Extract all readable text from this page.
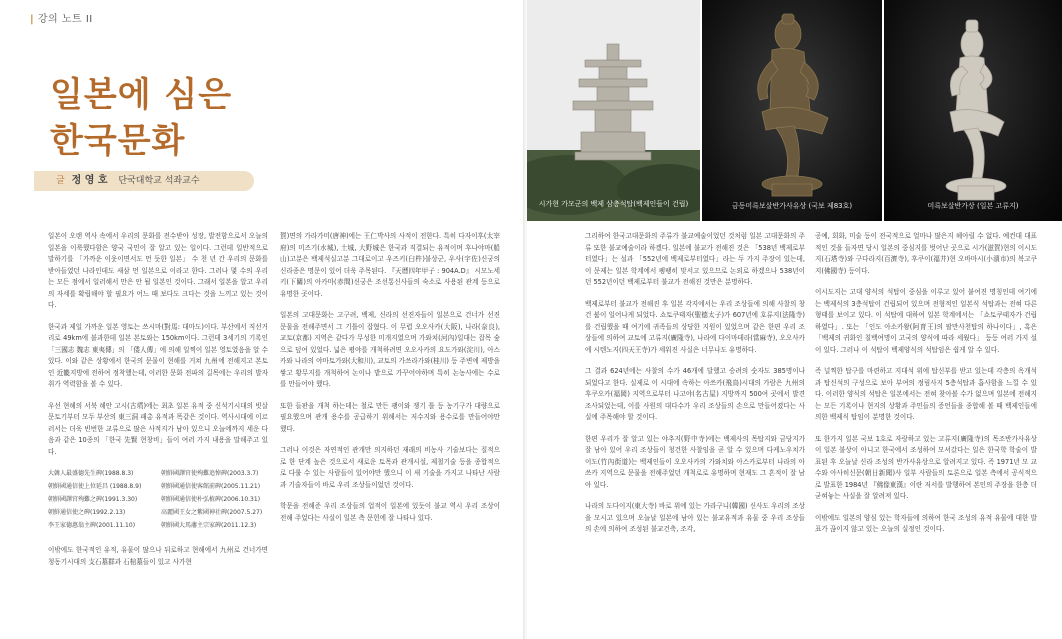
| 강의 노트 II
일본에 심은
한국문화
글 정 영 호 단국대학교 석좌교수

일본이 오랜 역사 속에서 우리의 문화를 전수받아 성장, 발전함으로서 오늘의 일본을 이룩했다함은 양국 국민이 잘 알고 있는 일이다. 그런데 일반적으로 말하기를 「가까운 이웃이면서도 먼 듯한 일본」 수 천 년 간 우리의 문화를 받아들였던 나라인데도 새삼 먼 일본으로 이라고 한다. 그러나 몇 수의 우리는 모든 점에서 일러해서 만은 안 될 일본인 것이다. 그래서 일본을 알고 우리의 자세를 확립해야 할 필요가 어느 때 보다도 크다는 것을 느끼고 있는 것이다.

한국과 제일 가까운 일본 영토는 쓰시마(對馬: 대마도)이다. 부산에서 직선거리로 49km에 불과한데 일본 본토와는 150km이다. 그런데 3세기의 기록인 「三國志 魏志 東夷傳」의 「倭人傳」에 의해 일찍이 일본 영토였음을 알 수 있다. 이와 같은 상황에서 한국의 문물이 현해를 거쳐 九州에 전해지고 본토인 近畿지방에 전하여 정착했는데, 이러한 문화 전파의 길목에는 우리의 발자취가 역력함을 볼 수 있다.

우선 현해의 서북 해안 고시(古墳)에는 최초 일본 유적 중 신석기시대의 빗살문토기부터 모두 부산의 東三洞 패총 유적과 똑같은 것이다. 역사시대에 이르러서는 더욱 빈번한 교류으로 많은 사적지가 남아 있으니 오늘에까지 세운 다음과 같은 10종의 「한국 先賢 현창비」들이 여러 가지 내용을 말해주고 있다.

大韓人最盛德先生碑(1988.8.3)	朝鮮國譯官使殉難追悼碑(2003.3.7)
朝鮮國通信使上位延昌 (1988.8.9)	朝鮮國通信使客館前碑(2005.11.21)
朝鮮國譯官殉難之碑(1991.3.30)	朝鮮國通信使朴弘植碑(2006.10.31)
朝鮮通信使之碑(1992.2.13)	高麗國王女之紫國神社碑(2007.5.27)
李王家德惠翁主碑(2001.11.10)	朝鮮國大馬藩主宗家碑(2011.12.3)

이밖에도 한국적인 유적, 유물이 많으나 뒤로하고 현해에서 九州로 건너가면 청동기시대의 支石墓群과 石棺墓들이 있고 사가현

賀)면의 가라가미(唐神)에는 王仁박사의 사적이 전한다. 특히 다자이후(太宰府)의 미즈기(水城), 土城, 大野城은 한국과 직결되는 유적이며 후나야마(船山)고분은 백제석실고분 그대로이고 우즈키(臼杵)불상군, 우사(宇佐)신궁의 신라종은 명문이 있어 더욱 주목된다. 『天曆四年甲子 : 904A.D』 시모노세키(下關)의 아카마(赤間)신궁은 조선통신사들의 숙소로 사용된 관계 등으로 유명한 곳이다.

일본의 고대문화는 고구려, 백제, 신라의 선진자들이 일본으로 건너가 선진 문물을 전해주면서 그 기틀이 잡혔다. 이 무렵 오오사카(大阪), 나라(奈良), 교토(京都) 지역은 같다가 무성한 미개지였으며 가와치(河內)일대는 잡목 숲으로 덮여 있었다. 넓은 평야를 개척하려면 오오사카의 요도가와(淀川), 아스카와 나라의 야마토가와(大和川), 교토의 가쓰라가와(桂川) 등 주변에 제방을 쌓고 황무지를 개척하여 논이나 밭으로 가꾸어야하며 특히 논농사에는 수로를 만들어야 했다.

또한 들판을 개척 하는데는 철로 만든 괭이와 쟁기 틀 등 농기구가 대량으로 필요했으며 관개 용수를 공급하기 위해서는 저수지와 용수로를 만들어야만 했다.

그러나 이것은 자연적인 관개만 의지하던 재래의 비농사 기술보다는 질적으로 한 단계 높은 것으로서 새로운 토목과 관개시설, 제철기술 등을 종합적으로 다룰 수 있는 사람들이 있어야만 했으니 이 새 기술을 가지고 나타난 사람과 기술자들이 바로 우리 조상들이었던 것이다.

학문을 전해준 우리 조상들의 업적이 일본에 있듯이 불교 역시 우리 조상이 전해 주었다는 사실이 일본 측 문헌에 잘 나타나 있다.

시가현 가모군의 백제 삼층석탑(백제인들이 건립)	금동미륵보살반가사유상 (국보 제83호)	미륵보살반가상 (일본 고류지)

그리하여 한국고대문화의 주류가 불교예술이었던 것처럼 일본 고대문화의 주류 또한 불교예술이라 하겠다. 일본에 불교가 전해진 것은 「538년 백제로부터였다」는 설과 「552년에 백제로부터였다」라는 두 가지 주장이 있는데, 이 문제는 일본 학계에서 팽팽히 맞서고 있으므로 논외로 하겠으나 538년이던 552년이던 백제로부터 불교가 전해진 것만은 분명하다.

백제로부터 불교가 전해진 후 일본 각지에서는 우리 조상들에 의해 사찰의 창건 붐이 일어나게 되었다. 쇼토쿠태자(聖德太子)가 607년에 호류지(法隆寺)를 건립했을 때 여기에 귀족들의 상당한 지원이 있었으며 같은 한편 우리 조상들에 의하여 교토에 고류지(廣隆寺), 나라에 다이마데라(當麻寺), 오오사카에 시텐노지(四天王寺)가 세워진 사실은 너무나도 유명하다.

그 결과 624년에는 사찰의 수가 46개에 달했고 승려의 숫자도 385명이나 되었다고 한다. 실제로 이 시대에 속하는 아쓰카(飛鳥)시대의 가람은 九州의 후쿠오카(福岡) 지역으로부터 나고야(名古屋) 지방까지 500여 곳에서 발견 조사되었는데, 이를 사원의 대다수가 우리 조상들의 손으로 만들어졌다는 사실에 주목해야 할 것이다.

한편 우리가 잘 알고 있는 야추지(野中寺)에는 백제사의 목탑지와 금당지가 잘 남아 있어 우리 조상들이 청건한 사찰임을 곧 알 수 있으며 다케노우치가이도(竹內街道)는 백제인들이 오오사카의 가와치와 아스카로부터 나라의 아쓰카 지역으로 문물을 전해주었던 개척로로 유명하며 현재도 그 흔적이 잘 남아 있다.

나라의 도다이지(東大寺) 바로 위에 있는 가라구니(韓國) 신사도 우리의 조상을 모시고 있으며 오늘날 일본에 남아 있는 불교유적과 유물 중 우리 조상들의 손에 의하여 조성된 불교건축, 조각,

공예, 회화, 미술 등이 전국적으로 얼마나 많은지 헤아릴 수 없다. 예컨대 대표적인 것을 들자면 당시 일본의 중심지를 벗어난 곳으로 시가(滋賀)현의 이시도지(石塔寺)와 구다라지(百濟寺), 후쿠이(福井)현 오바마시(小濱市)의 복고쿠지(佛國寺) 등이다.

이시도지는 고대 양식의 석탑이 중심을 이루고 있어 붙여진 명칭인데 여기에는 백제식의 3층석탑이 건립되어 있으며 전형적인 일본식 석탑과는 전혀 다른 형태를 보이고 있다. 이 석탑에 대하여 일본 학계에서는 「쇼토쿠태자가 건립하였다」. 또는 「인도 아소카왕(阿育王)의 팔만사천탑의 하나이다」, 혹은 「백제의 귀화인 칠백여명이 고국의 양식에 따라 세웠다」 등등 여러 가지 설이 있다. 그러나 이 석탑이 백제양식의 석탑임은 쉽게 알 수 있다.

즉 널찍한 탑구를 마련하고 지대석 위에 탑신부를 받고 있는데 각층의 옥개석과 탑신석의 구성으로 보아 부여의 정림사지 5층석탑과 흡사함을 느낄 수 있다. 이러한 양식의 석탑은 일본에서는 전혀 찾아볼 수가 없으며 일본에 전해지는 모든 기록이나 현지의 상황과 주민들의 증언들을 종합해 볼 때 백제인들에 의한 백제식 탑임이 분명한 것이다.

또 한가지 일본 국보 1호로 자랑하고 있는 고류지(廣隆寺)의 목조반가사유상이 일본 불상이 아니고 한국에서 조성하여 모셔갔다는 일은 한국학 학술이 발표된 후 오늘날 신라 조성의 반가사유상으로 알려지고 있다. 즉 1971년 모 교수와 아사히신문(朝日新聞)사 일부 사람들의 토론으로 일본 측에서 공식적으로 발표한 1984년 『佛像東漢』이란 저서를 발행하여 본인의 주장을 한층 더 굳혀놓는 사실을 잘 알려져 있다.

이밖에도 일본의 양심 있는 학자들에 의하여 한국 조성의 유적 유물에 대한 발표가 끊이지 않고 있는 오늘의 실정인 것이다.
